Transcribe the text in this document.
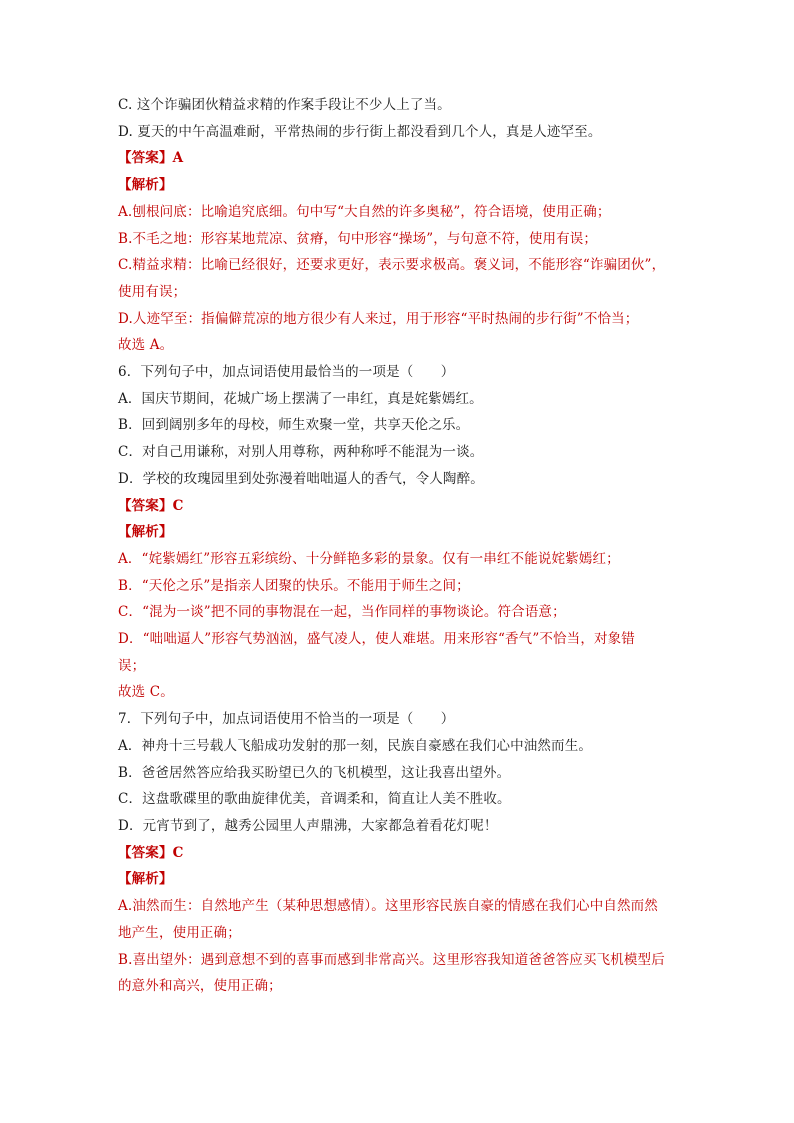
C. 这个诈骗团伙精益求精的作案手段让不少人上了当。
D. 夏天的中午高温难耐，平常热闹的步行街上都没看到几个人，真是人迹罕至。
【答案】A
【解析】
A.刨根问底：比喻追究底细。句中写“大自然的许多奥秘”，符合语境，使用正确；
B.不毛之地：形容某地荒凉、贫瘠，句中形容“操场”，与句意不符，使用有误；
C.精益求精：比喻已经很好，还要求更好，表示要求极高。褒义词，不能形容“诈骗团伙”，
使用有误；
D.人迹罕至：指偏僻荒凉的地方很少有人来过，用于形容“平时热闹的步行街”不恰当；
故选 A。
6．下列句子中，加点词语使用最恰当的一项是（　　）
A．国庆节期间，花城广场上摆满了一串红，真是姹紫嫣红。
B．回到阔别多年的母校，师生欢聚一堂，共享天伦之乐。
C．对自己用谦称，对别人用尊称，两种称呼不能混为一谈。
D．学校的玫瑰园里到处弥漫着咄咄逼人的香气，令人陶醉。
【答案】C
【解析】
A．“姹紫嫣红”形容五彩缤纷、十分鲜艳多彩的景象。仅有一串红不能说姹紫嫣红；
B．“天伦之乐”是指亲人团聚的快乐。不能用于师生之间；
C．“混为一谈”把不同的事物混在一起，当作同样的事物谈论。符合语意；
D．“咄咄逼人”形容气势汹汹，盛气凌人，使人难堪。用来形容“香气”不恰当，对象错
误；
故选 C。
7．下列句子中，加点词语使用不恰当的一项是（　　）
A．神舟十三号载人飞船成功发射的那一刻，民族自豪感在我们心中油然而生。
B．爸爸居然答应给我买盼望已久的飞机模型，这让我喜出望外。
C．这盘歌碟里的歌曲旋律优美，音调柔和，简直让人美不胜收。
D．元宵节到了，越秀公园里人声鼎沸，大家都急着看花灯呢！
【答案】C
【解析】
A.油然而生：自然地产生（某种思想感情）。这里形容民族自豪的情感在我们心中自然而然
地产生，使用正确；
B.喜出望外：遇到意想不到的喜事而感到非常高兴。这里形容我知道爸爸答应买飞机模型后
的意外和高兴，使用正确；
